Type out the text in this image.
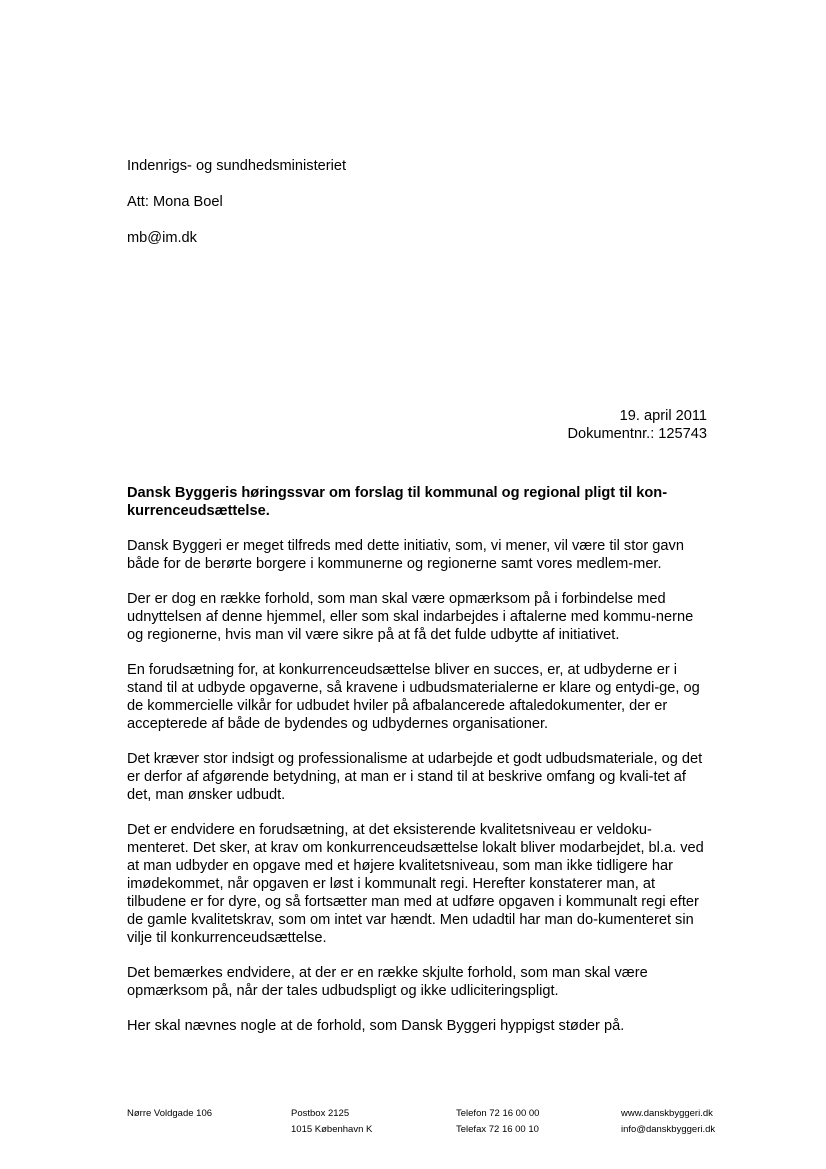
Indenrigs- og sundhedsministeriet

Att: Mona Boel

mb@im.dk

19. april 2011

Dokumentnr.: 125743

Dansk Byggeris høringssvar om forslag til kommunal og regional pligt til kon-kurrenceudsættelse.

Dansk Byggeri er meget tilfreds med dette initiativ, som, vi mener, vil være til stor gavn både for de berørte borgere i kommunerne og regionerne samt vores medlem-mer.

Der er dog en række forhold, som man skal være opmærksom på i forbindelse med udnyttelsen af denne hjemmel, eller som skal indarbejdes i aftalerne med kommu-nerne og regionerne, hvis man vil være sikre på at få det fulde udbytte af initiativet.

En forudsætning for, at konkurrenceudsættelse bliver en succes, er, at udbyderne er i stand til at udbyde opgaverne, så kravene i udbudsmaterialerne er klare og entydi-ge, og de kommercielle vilkår for udbudet hviler på afbalancerede aftaledokumenter, der er accepterede af både de bydendes og udbydernes organisationer.

Det kræver stor indsigt og professionalisme at udarbejde et godt udbudsmateriale, og det er derfor af afgørende betydning, at man er i stand til at beskrive omfang og kvali-tet af det, man ønsker udbudt.

Det er endvidere en forudsætning, at det eksisterende kvalitetsniveau er veldoku-menteret. Det sker, at krav om konkurrenceudsættelse lokalt bliver modarbejdet, bl.a. ved at man udbyder en opgave med et højere kvalitetsniveau, som man ikke tidligere har imødekommet, når opgaven er løst i kommunalt regi. Herefter konstaterer man, at tilbudene er for dyre, og så fortsætter man med at udføre opgaven i kommunalt regi efter de gamle kvalitetskrav, som om intet var hændt. Men udadtil har man do-kumenteret sin vilje til konkurrenceudsættelse.

Det bemærkes endvidere, at der er en række skjulte forhold, som man skal være opmærksom på, når der tales udbudspligt og ikke udliciteringspligt.

Her skal nævnes nogle at de forhold, som Dansk Byggeri hyppigst støder på.

Nørre Voldgade 106	Postbox 2125
1015 København K
Telefon 72 16 00 00
Telefax 72 16 00 10
www.danskbyggeri.dk
info@danskbyggeri.dk
